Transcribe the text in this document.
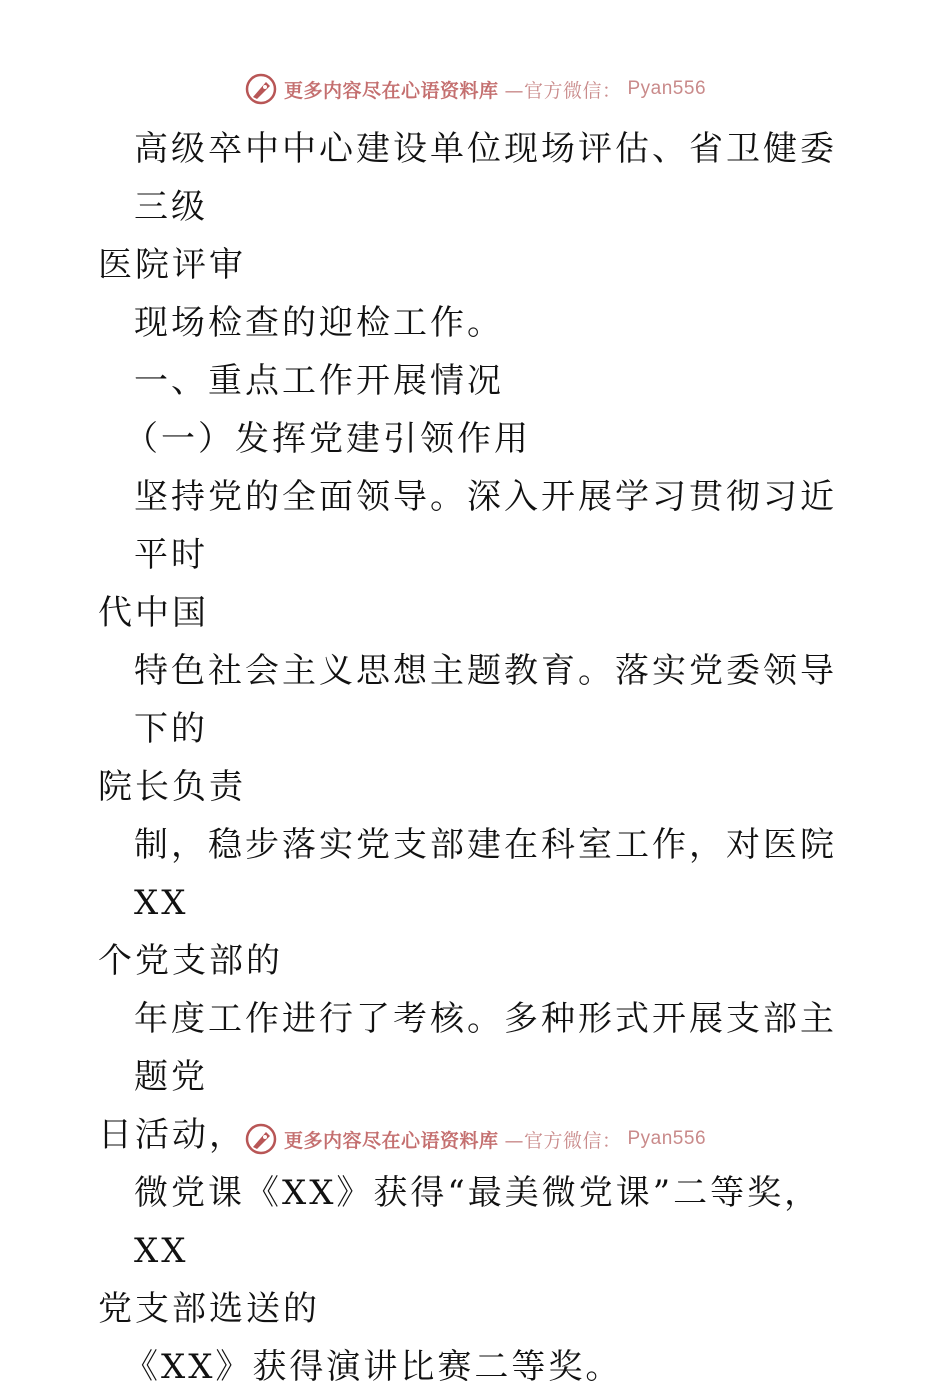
更多内容尽在心语资料库 —官方微信： Pyan556

高级卒中中心建设单位现场评估、省卫健委三级

医院评审

现场检查的迎检工作。

一、重点工作开展情况

（一）发挥党建引领作用

坚持党的全面领导。深入开展学习贯彻习近平时

代中国

特色社会主义思想主题教育。落实党委领导下的

院长负责

制，稳步落实党支部建在科室工作，对医院 XX

个党支部的

年度工作进行了考核。多种形式开展支部主题党

日活动，

微党课《XX》获得“最美微党课”二等奖，XX

党支部选送的

《XX》获得演讲比赛二等奖。

更多内容尽在心语资料库 —官方微信： Pyan556
